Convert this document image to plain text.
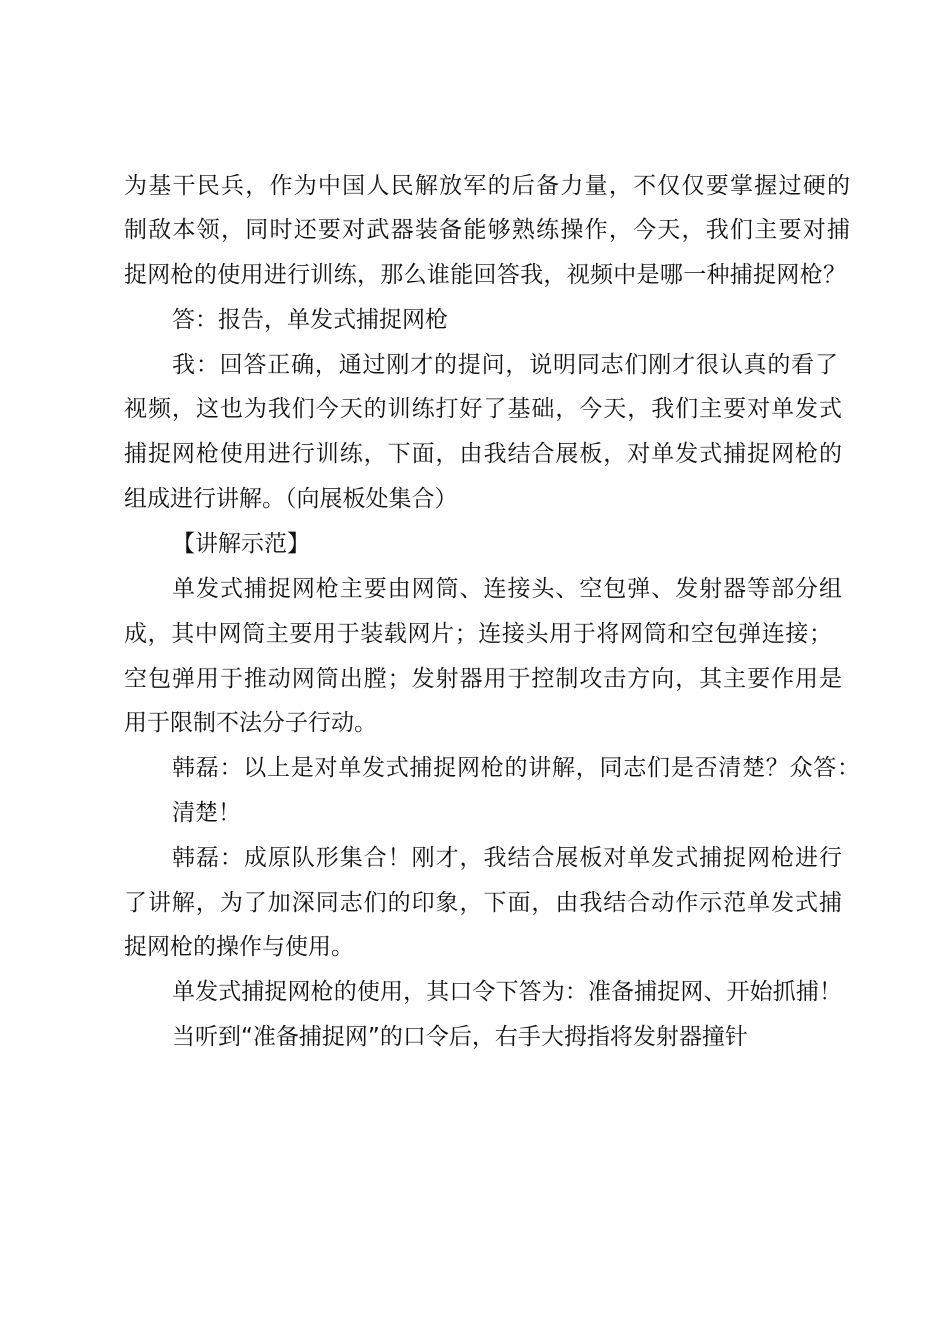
为基干民兵，作为中国人民解放军的后备力量，不仅仅要掌握过硬的
制敌本领，同时还要对武器装备能够熟练操作，今天，我们主要对捕
捉网枪的使用进行训练，那么谁能回答我，视频中是哪一种捕捉网枪？
答：报告，单发式捕捉网枪
我：回答正确，通过刚才的提问，说明同志们刚才很认真的看了
视频，这也为我们今天的训练打好了基础，今天，我们主要对单发式
捕捉网枪使用进行训练，下面，由我结合展板，对单发式捕捉网枪的
组成进行讲解。（向展板处集合）
【讲解示范】
单发式捕捉网枪主要由网筒、连接头、空包弹、发射器等部分组
成，其中网筒主要用于装载网片；连接头用于将网筒和空包弹连接；
空包弹用于推动网筒出膛；发射器用于控制攻击方向，其主要作用是
用于限制不法分子行动。
韩磊：以上是对单发式捕捉网枪的讲解，同志们是否清楚？众答：
清楚！
韩磊：成原队形集合！刚才，我结合展板对单发式捕捉网枪进行
了讲解，为了加深同志们的印象，下面，由我结合动作示范单发式捕
捉网枪的操作与使用。
单发式捕捉网枪的使用，其口令下答为：准备捕捉网、开始抓捕！
当听到“准备捕捉网”的口令后，右手大拇指将发射器撞针
